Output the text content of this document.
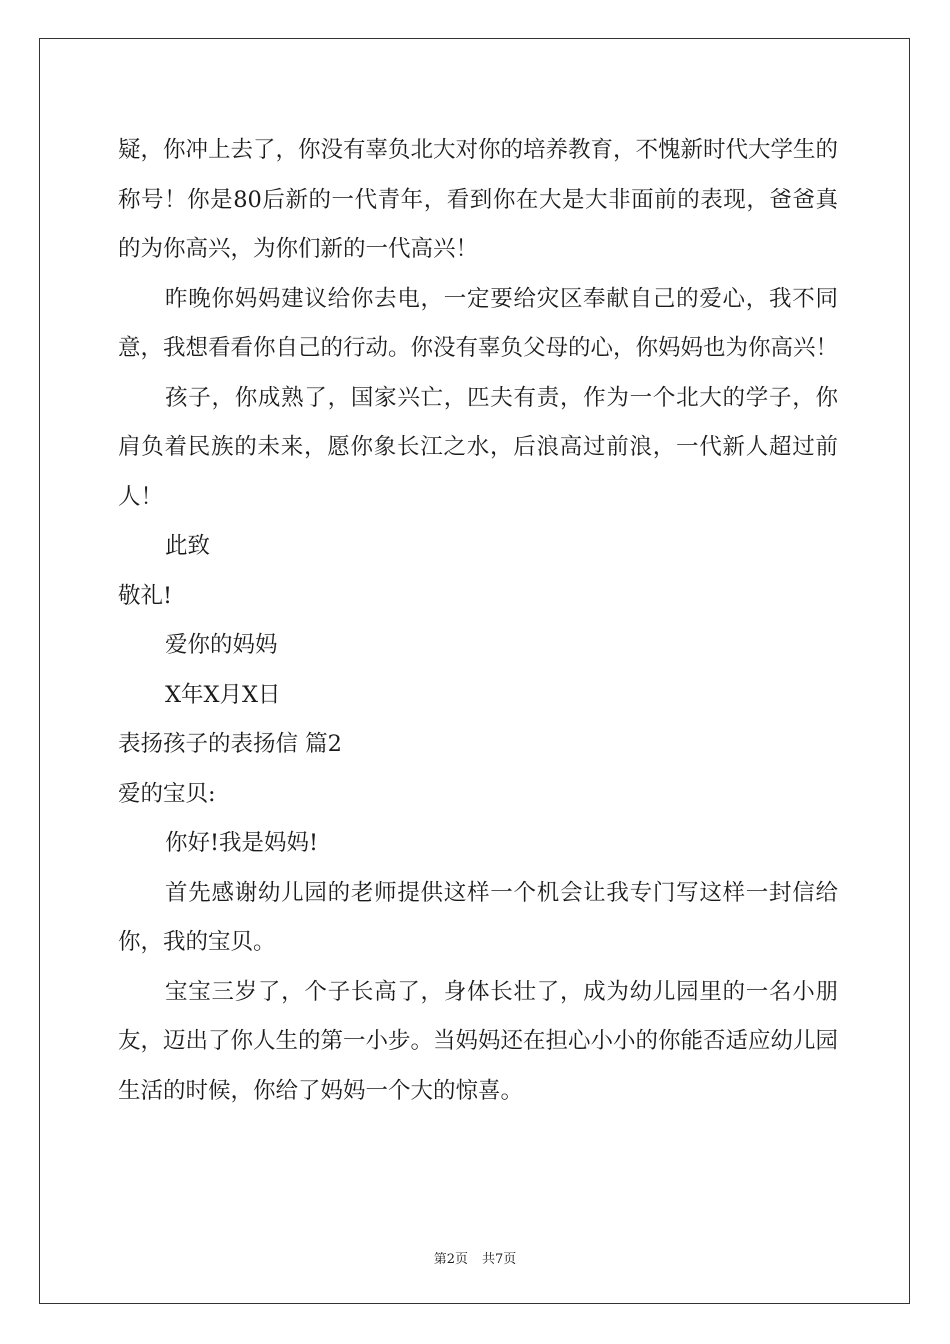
疑，你冲上去了，你没有辜负北大对你的培养教育，不愧新时代大学生的称号！你是80后新的一代青年，看到你在大是大非面前的表现，爸爸真的为你高兴，为你们新的一代高兴！

昨晚你妈妈建议给你去电，一定要给灾区奉献自己的爱心，我不同意，我想看看你自己的行动。你没有辜负父母的心，你妈妈也为你高兴！

孩子，你成熟了，国家兴亡，匹夫有责，作为一个北大的学子，你肩负着民族的未来，愿你象长江之水，后浪高过前浪，一代新人超过前人！

此致

敬礼!

爱你的妈妈

X年X月X日

表扬孩子的表扬信 篇2

爱的宝贝:

你好!我是妈妈!

首先感谢幼儿园的老师提供这样一个机会让我专门写这样一封信给你，我的宝贝。

宝宝三岁了，个子长高了，身体长壮了，成为幼儿园里的一名小朋友，迈出了你人生的第一小步。当妈妈还在担心小小的你能否适应幼儿园生活的时候，你给了妈妈一个大的惊喜。

第2页 共7页
